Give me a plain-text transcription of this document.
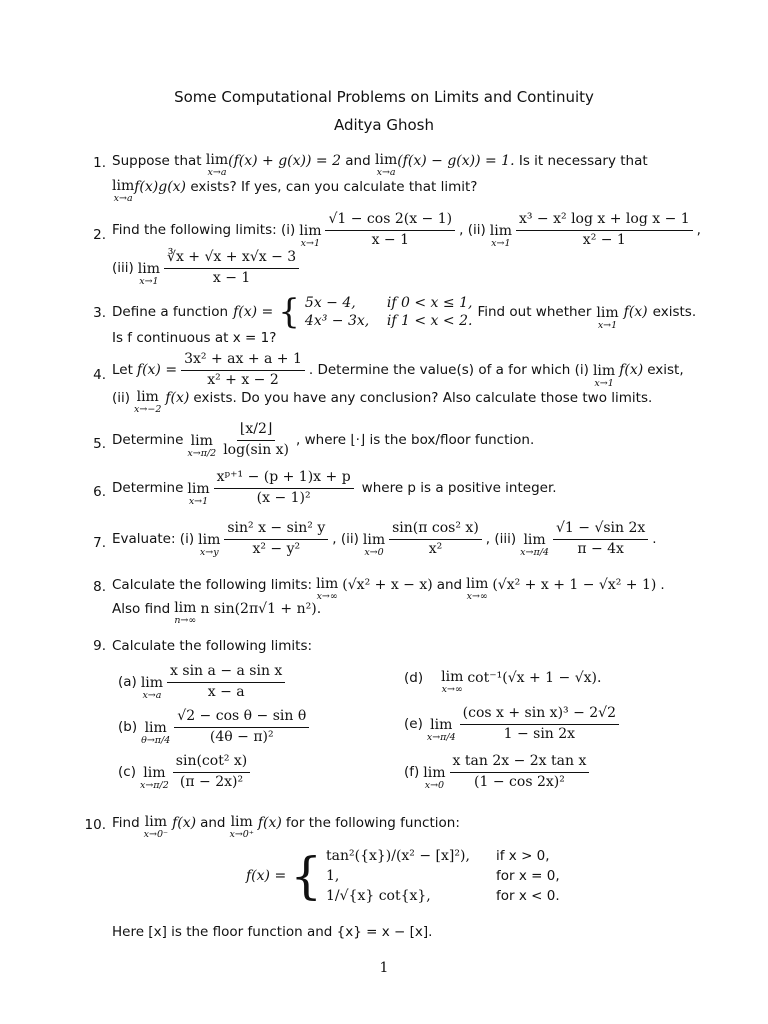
Some Computational Problems on Limits and Continuity
Aditya Ghosh
1. Suppose that lim
x→a
(f(x) + g(x)) = 2 and lim
x→a
(f(x) − g(x)) = 1. Is it necessary that
lim
x→a
f(x)g(x) exists? If yes, can you calculate that limit?
2. Find the following limits: (i) lim
$x\to 1 \frac{√1 - \cos 2(x - 1)}{x - 1}$ , (ii) lim
$x\to 1 \frac{\text{x³ − x² log x + log x − 1}}{\text{x² − 1}}$ ,
(iii) lim
$x\to 1 \frac{∛x + √x + x√x - 3}{x - 1}$
3. Define a function f(x) = { 5x − 4,	if 0 < x ≤ 1,
4x³ − 3x,	if 1 < x < 2.
Find out whether lim
x→1
f(x) exists.
Is f continuous at x = 1?
4. Let $f(x) = \frac{\text{3x² + ax + a + 1}}{\text{x² + x − 2}}$ . Determine the value(s) of a for which (i) lim
x→1
f(x) exist,
(ii) lim
x→−2
f(x) exists. Do you have any conclusion? Also calculate those two limits.
5. Determine lim
$x\to\pi/2 \frac{⌊x/2⌋}{\text{log(sin x)}}$ , where ⌊·⌋ is the box/floor function.
6. Determine lim
$x\to 1 \frac{\text{xᵖ⁺¹ − (p + 1)x + p}}{\text{(x − 1)²}}$ where p is a positive integer.
7. Evaluate: (i) lim
$x\to y \frac{\text{sin² x − sin² y}}{\text{x² − y²}}$ , (ii) lim
$x\to 0 \frac{\text{sin(π cos² x)}}{\text{x²}}$ , (iii) lim
$x\to\pi/4 \frac{√1 - √\sin 2x}{\pi - 4x}$ .
8. Calculate the following limits: lim
x→∞
(√x² + x − x) and lim
x→∞
(√x² + x + 1 − √x² + 1) .
Also find lim
n→∞
n sin(2π√1 + n²).
9. Calculate the following limits:
(a) lim
$x\to a \frac{\text{x sin a − a sin x}}{x - a}$
(b) lim
$\theta\to\pi/4 \frac{\text{√2 − cos θ − sin θ}}{\text{(4θ − π)²}}$
(c) lim
$x\to\pi/2 \frac{\text{sin(cot² x)}}{\text{(π − 2x)²}}$
(d) lim
x→∞
cot⁻¹(√x + 1 − √x).
(e) lim
$x\to\pi/4 \frac{\text{(cos x + sin x)³ − 2√2}}{1 - \sin 2x}$
(f) lim
$x\to 0 \frac{\text{x tan 2x − 2x tan x}}{\text{(1 − cos 2x)²}}$
10. Find lim
x→0⁻
f(x) and lim
x→0⁺
f(x) for the following function:
f(x) = { tan²({x})/(x² − [x]²),	if x > 0,
1,	for x = 0,
1/√{x} cot{x},	for x < 0.
Here [x] is the floor function and {x} = x − [x].
1
